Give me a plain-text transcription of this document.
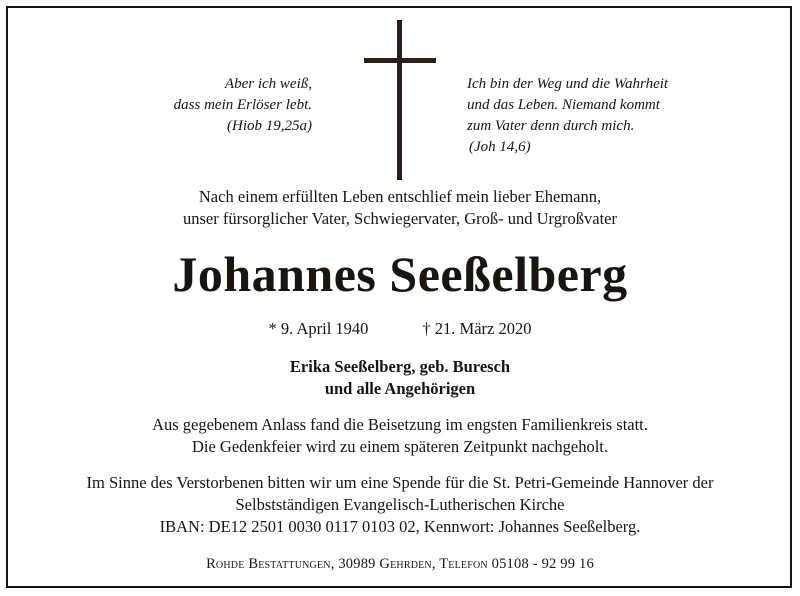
Aber ich weiß,
dass mein Erlöser lebt.
(Hiob 19,25a)
Ich bin der Weg und die Wahrheit
und das Leben. Niemand kommt
zum Vater denn durch mich.
(Joh 14,6)
Nach einem erfüllten Leben entschlief mein lieber Ehemann,
unser fürsorglicher Vater, Schwiegervater, Groß- und Urgroßvater
Johannes Seeßelberg
* 9. April 1940	† 21. März 2020
Erika Seeßelberg, geb. Buresch
und alle Angehörigen
Aus gegebenem Anlass fand die Beisetzung im engsten Familienkreis statt.
Die Gedenkfeier wird zu einem späteren Zeitpunkt nachgeholt.
Im Sinne des Verstorbenen bitten wir um eine Spende für die St. Petri-Gemeinde Hannover der
Selbstständigen Evangelisch-Lutherischen Kirche
IBAN: DE12 2501 0030 0117 0103 02, Kennwort: Johannes Seeßelberg.
Rohde Bestattungen, 30989 Gehrden, Telefon 05108 - 92 99 16
